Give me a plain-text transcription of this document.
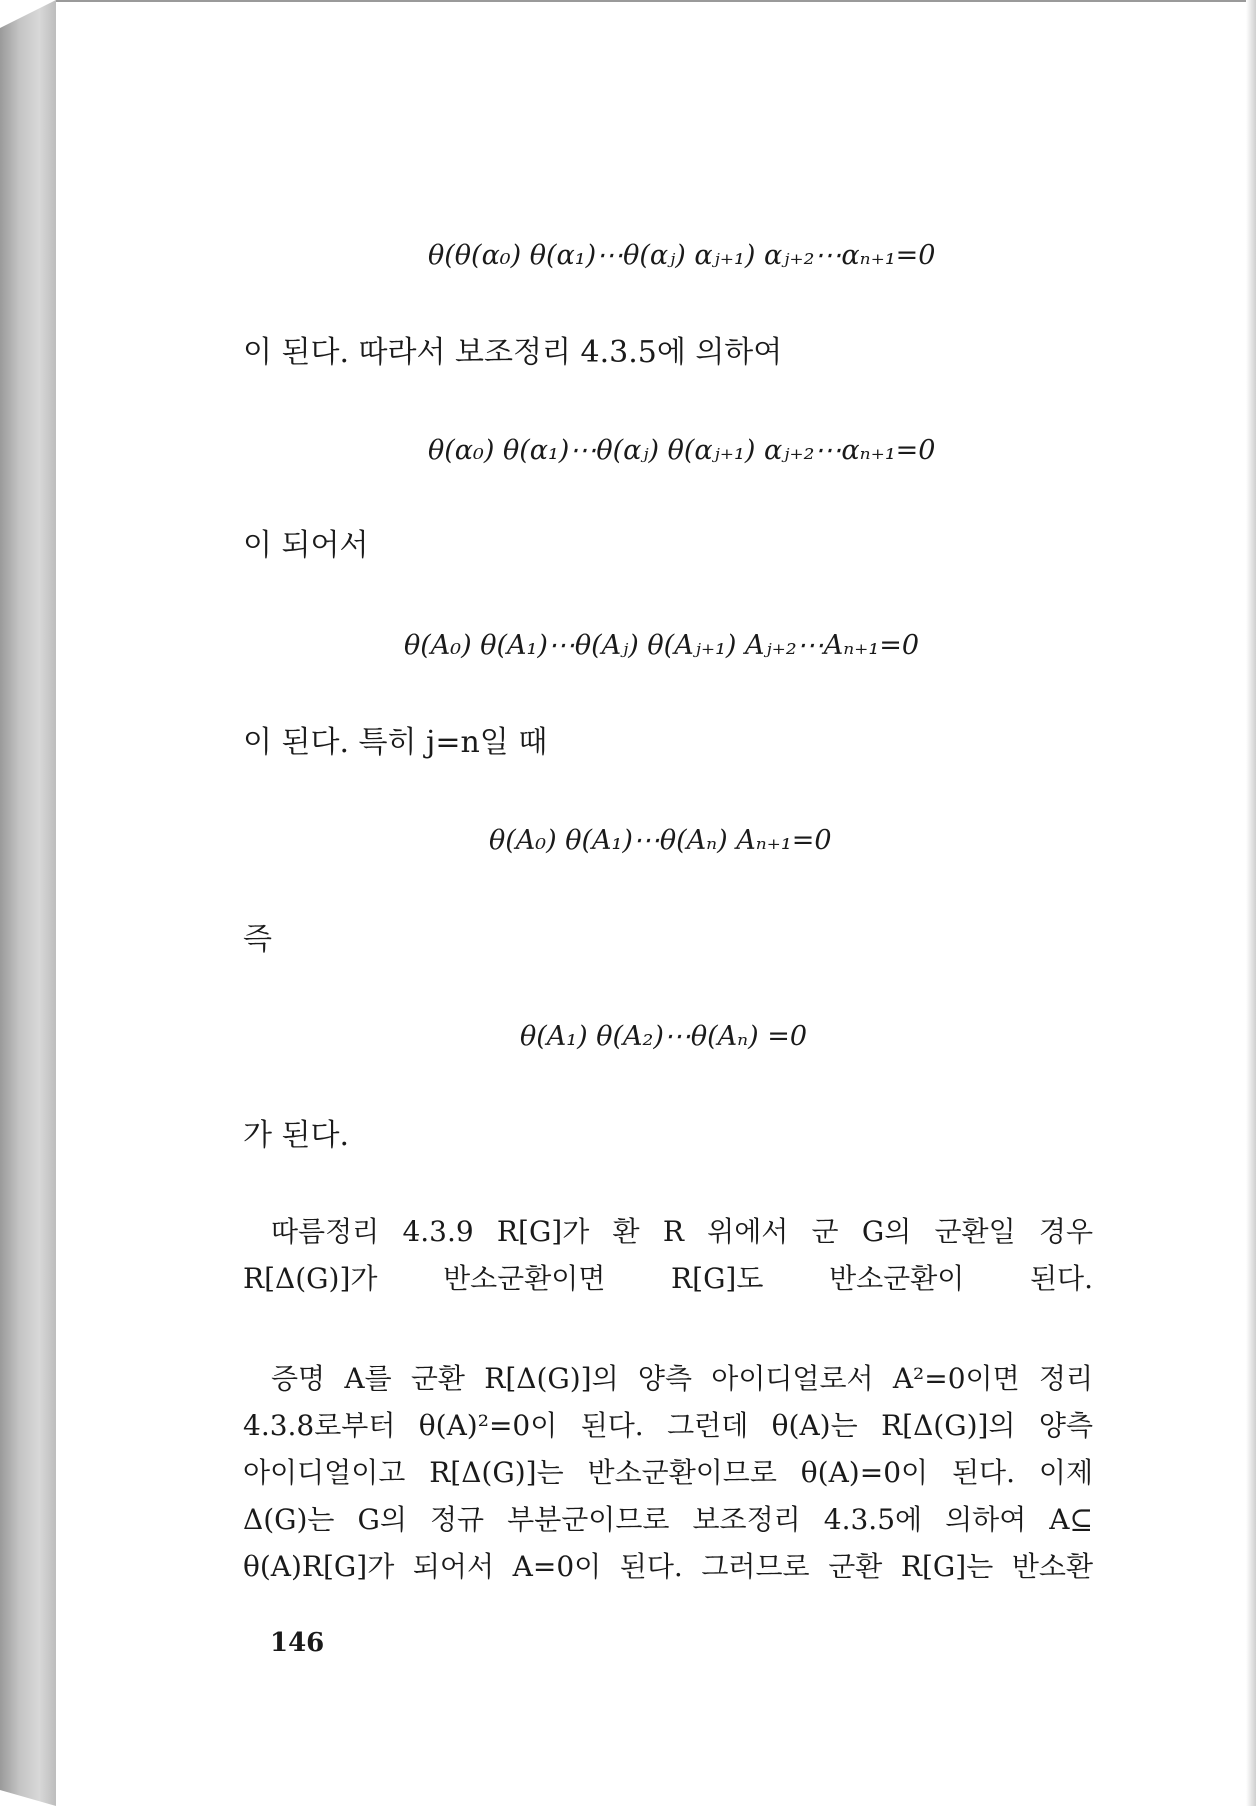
θ(θ(α₀) θ(α₁)⋯θ(αⱼ) αⱼ₊₁) αⱼ₊₂⋯αₙ₊₁=0
이 된다. 따라서 보조정리 4.3.5에 의하여
θ(α₀) θ(α₁)⋯θ(αⱼ) θ(αⱼ₊₁) αⱼ₊₂⋯αₙ₊₁=0
이 되어서
θ(A₀) θ(A₁)⋯θ(Aⱼ) θ(Aⱼ₊₁) Aⱼ₊₂⋯Aₙ₊₁=0
이 된다. 특히 j=n일 때
θ(A₀) θ(A₁)⋯θ(Aₙ) Aₙ₊₁=0
즉
θ(A₁) θ(A₂)⋯θ(Aₙ) =0
가 된다.
따름정리 4.3.9 R[G]가 환 R 위에서 군 G의 군환일 경우
R[Δ(G)]가 반소군환이면 R[G]도 반소군환이 된다.
증명 A를 군환 R[Δ(G)]의 양측 아이디얼로서 A²=0이면 정리
4.3.8로부터 θ(A)²=0이 된다. 그런데 θ(A)는 R[Δ(G)]의 양측
아이디얼이고 R[Δ(G)]는 반소군환이므로 θ(A)=0이 된다. 이제
Δ(G)는 G의 정규 부분군이므로 보조정리 4.3.5에 의하여 A⊆
θ(A)R[G]가 되어서 A=0이 된다. 그러므로 군환 R[G]는 반소환
146
